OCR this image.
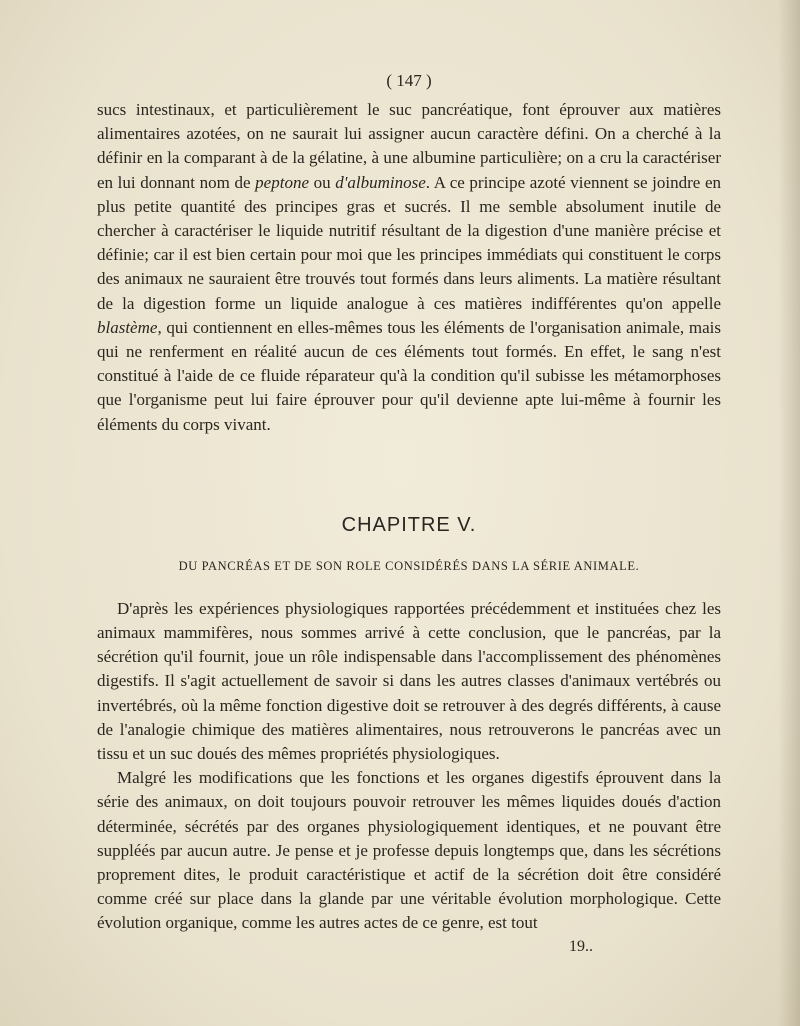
( 147 )

sucs intestinaux, et particulièrement le suc pancréatique, font éprouver aux matières alimentaires azotées, on ne saurait lui assigner aucun caractère défini. On a cherché à la définir en la comparant à de la gélatine, à une albumine particulière; on a cru la caractériser en lui donnant nom de peptone ou d'albuminose. A ce principe azoté viennent se joindre en plus petite quantité des principes gras et sucrés. Il me semble absolument inutile de chercher à caractériser le liquide nutritif résultant de la digestion d'une manière précise et définie; car il est bien certain pour moi que les principes immédiats qui constituent le corps des animaux ne sauraient être trouvés tout formés dans leurs aliments. La matière résultant de la digestion forme un liquide analogue à ces matières indifférentes qu'on appelle blastème, qui contiennent en elles-mêmes tous les éléments de l'organisation animale, mais qui ne renferment en réalité aucun de ces éléments tout formés. En effet, le sang n'est constitué à l'aide de ce fluide réparateur qu'à la condition qu'il subisse les métamorphoses que l'organisme peut lui faire éprouver pour qu'il devienne apte lui-même à fournir les éléments du corps vivant.

CHAPITRE V.
DU PANCRÉAS ET DE SON ROLE CONSIDÉRÉS DANS LA SÉRIE ANIMALE.

D'après les expériences physiologiques rapportées précédemment et instituées chez les animaux mammifères, nous sommes arrivé à cette conclusion, que le pancréas, par la sécrétion qu'il fournit, joue un rôle indispensable dans l'accomplissement des phénomènes digestifs. Il s'agit actuellement de savoir si dans les autres classes d'animaux vertébrés ou invertébrés, où la même fonction digestive doit se retrouver à des degrés différents, à cause de l'analogie chimique des matières alimentaires, nous retrouverons le pancréas avec un tissu et un suc doués des mêmes propriétés physiologiques.

Malgré les modifications que les fonctions et les organes digestifs éprouvent dans la série des animaux, on doit toujours pouvoir retrouver les mêmes liquides doués d'action déterminée, sécrétés par des organes physiologiquement identiques, et ne pouvant être suppléés par aucun autre. Je pense et je professe depuis longtemps que, dans les sécrétions proprement dites, le produit caractéristique et actif de la sécrétion doit être considéré comme créé sur place dans la glande par une véritable évolution morphologique. Cette évolution organique, comme les autres actes de ce genre, est tout

19..
